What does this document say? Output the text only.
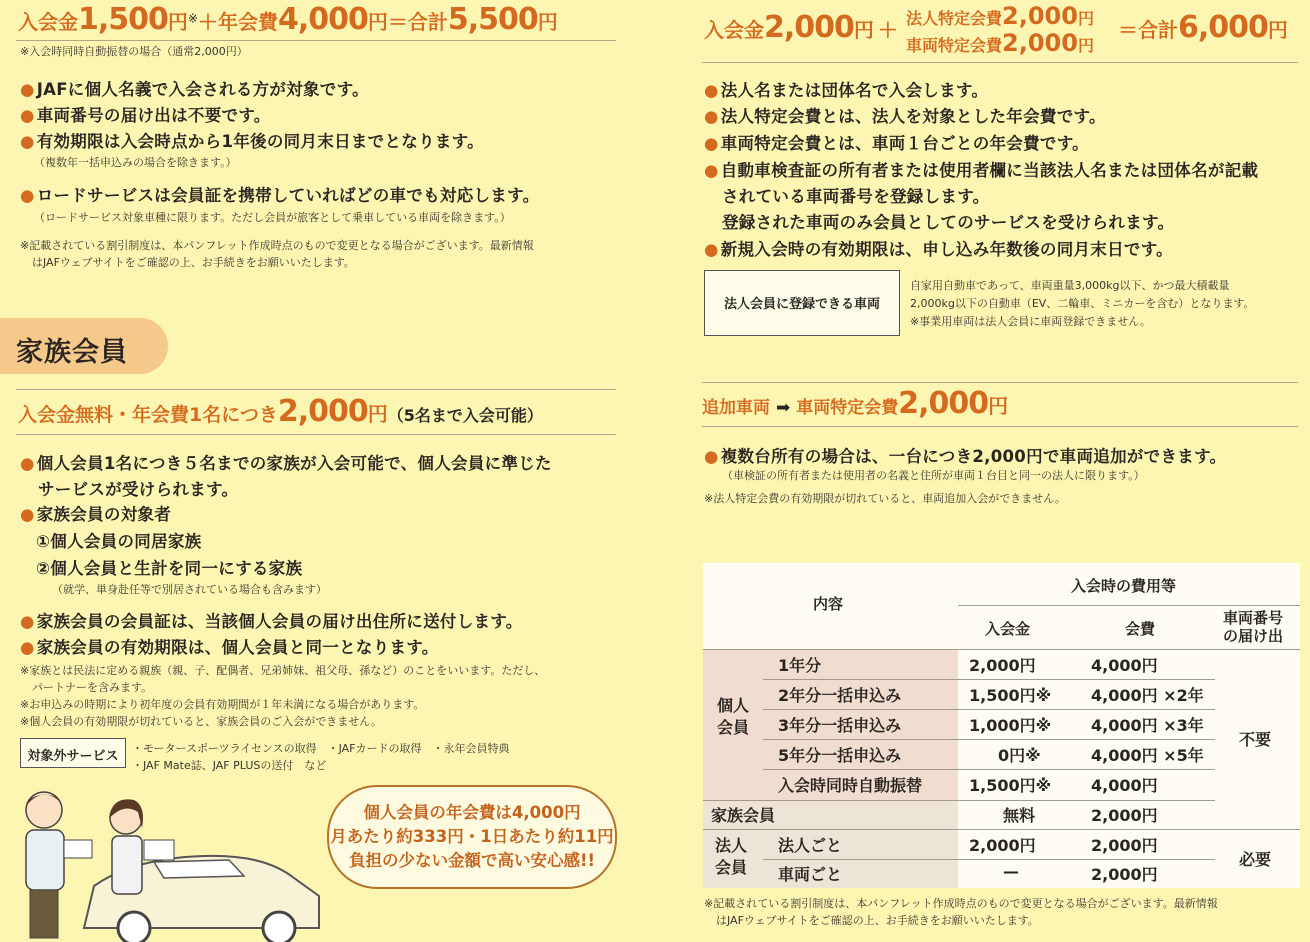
入会金1,500円※＋年会費4,000円＝合計5,500円
※入会時同時自動振替の場合（通常2,000円）
● JAFに個人名義で入会される方が対象です。
● 車両番号の届け出は不要です。
● 有効期限は入会時点から1年後の同月末日までとなります。
（複数年一括申込みの場合を除きます。）
● ロードサービスは会員証を携帯していればどの車でも対応します。
（ロードサービス対象車種に限ります。ただし会員が旅客として乗車している車両を除きます。）
※記載されている割引制度は、本パンフレット作成時点のもので変更となる場合がございます。最新情報
はJAFウェブサイトをご確認の上、お手続きをお願いいたします。
家族会員
入会金無料・年会費1名につき2,000円（5名まで入会可能）
● 個人会員1名につき５名までの家族が入会可能で、個人会員に準じた
サービスが受けられます。
● 家族会員の対象者
①個人会員の同居家族
②個人会員と生計を同一にする家族
（就学、単身赴任等で別居されている場合も含みます）
● 家族会員の会員証は、当該個人会員の届け出住所に送付します。
● 家族会員の有効期限は、個人会員と同一となります。
※家族とは民法に定める親族（親、子、配偶者、兄弟姉妹、祖父母、孫など）のことをいいます。ただし、
パートナーを含みます。
※お申込みの時期により初年度の会員有効期間が１年未満になる場合があります。
※個人会員の有効期限が切れていると、家族会員のご入会ができません。
対象外サービス
・モータースポーツライセンスの取得　・JAFカードの取得　・永年会員特典
・JAF Mate誌、JAF PLUSの送付　など
個人会員の年会費は4,000円
月あたり約333円・1日あたり約11円
負担の少ない金額で高い安心感!!
入会金2,000円 ＋ 法人特定会費2,000円
車両特定会費2,000円
＝合計6,000円
● 法人名または団体名で入会します。
● 法人特定会費とは、法人を対象とした年会費です。
● 車両特定会費とは、車両１台ごとの年会費です。
● 自動車検査証の所有者または使用者欄に当該法人名または団体名が記載
されている車両番号を登録します。
登録された車両のみ会員としてのサービスを受けられます。
● 新規入会時の有効期限は、申し込み年数後の同月末日です。
法人会員に登録できる車両
自家用自動車であって、車両重量3,000kg以下、かつ最大積載量
2,000kg以下の自動車（EV、二輪車、ミニカーを含む）となります。
※事業用車両は法人会員に車両登録できません。
追加車両 ➡ 車両特定会費2,000円
● 複数台所有の場合は、一台につき2,000円で車両追加ができます。
（車検証の所有者または使用者の名義と住所が車両１台目と同一の法人に限ります。）
※法人特定会費の有効期限が切れていると、車両追加入会ができません。
※記載されている割引制度は、本パンフレット作成時点のもので変更となる場合がございます。最新情報
はJAFウェブサイトをご確認の上、お手続きをお願いいたします。
内容
入会時の費用等
入会金	会費
車両番号
の届け出
個人
会員
1年分	2,000円	4,000円
2年分一括申込み	1,500円※ 4,000円 ×2年
3年分一括申込み	1,000円※ 4,000円 ×3年
5年分一括申込み	0円※	4,000円 ×5年
入会時同時自動振替	1,500円※ 4,000円
不要
家族会員	無料	2,000円
法人
会員
法人ごと	2,000円	2,000円
車両ごと	—	2,000円
必要
